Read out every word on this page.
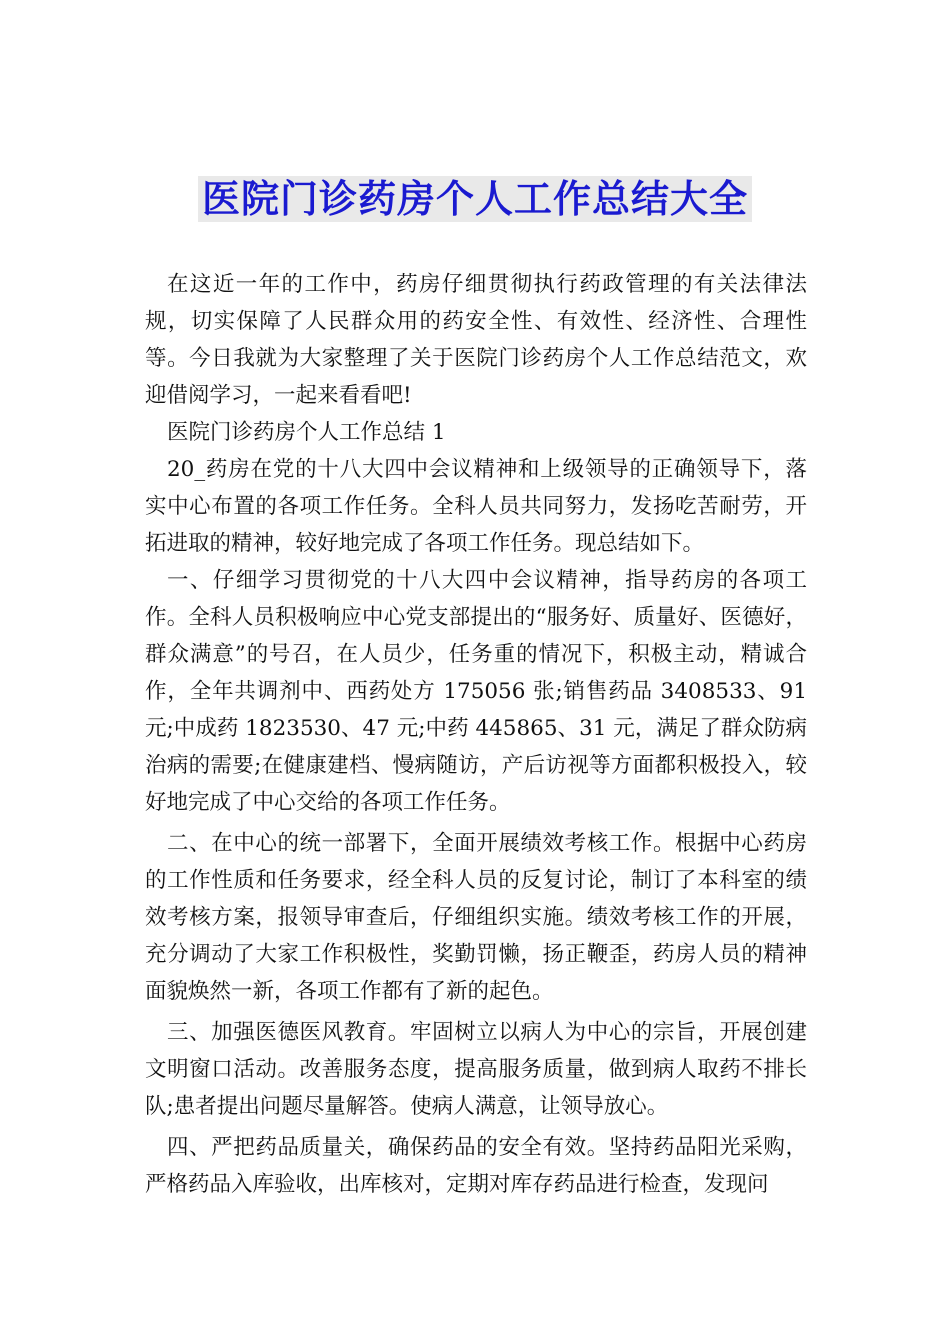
医院门诊药房个人工作总结大全

在这近一年的工作中，药房仔细贯彻执行药政管理的有关法律法规，切实保障了人民群众用的药安全性、有效性、经济性、合理性等。今日我就为大家整理了关于医院门诊药房个人工作总结范文，欢迎借阅学习，一起来看看吧!

医院门诊药房个人工作总结 1

20_药房在党的十八大四中会议精神和上级领导的正确领导下，落实中心布置的各项工作任务。全科人员共同努力，发扬吃苦耐劳，开拓进取的精神，较好地完成了各项工作任务。现总结如下。

一、仔细学习贯彻党的十八大四中会议精神，指导药房的各项工作。全科人员积极响应中心党支部提出的“服务好、质量好、医德好，群众满意”的号召，在人员少，任务重的情况下，积极主动，精诚合作，全年共调剂中、西药处方 175056 张;销售药品 3408533、91 元;中成药 1823530、47 元;中药 445865、31 元，满足了群众防病治病的需要;在健康建档、慢病随访，产后访视等方面都积极投入，较好地完成了中心交给的各项工作任务。

二、在中心的统一部署下，全面开展绩效考核工作。根据中心药房的工作性质和任务要求，经全科人员的反复讨论，制订了本科室的绩效考核方案，报领导审查后，仔细组织实施。绩效考核工作的开展，充分调动了大家工作积极性，奖勤罚懒，扬正鞭歪，药房人员的精神面貌焕然一新，各项工作都有了新的起色。

三、加强医德医风教育。牢固树立以病人为中心的宗旨，开展创建文明窗口活动。改善服务态度，提高服务质量，做到病人取药不排长队;患者提出问题尽量解答。使病人满意，让领导放心。

四、严把药品质量关，确保药品的安全有效。坚持药品阳光采购，严格药品入库验收，出库核对，定期对库存药品进行检查，发现问
